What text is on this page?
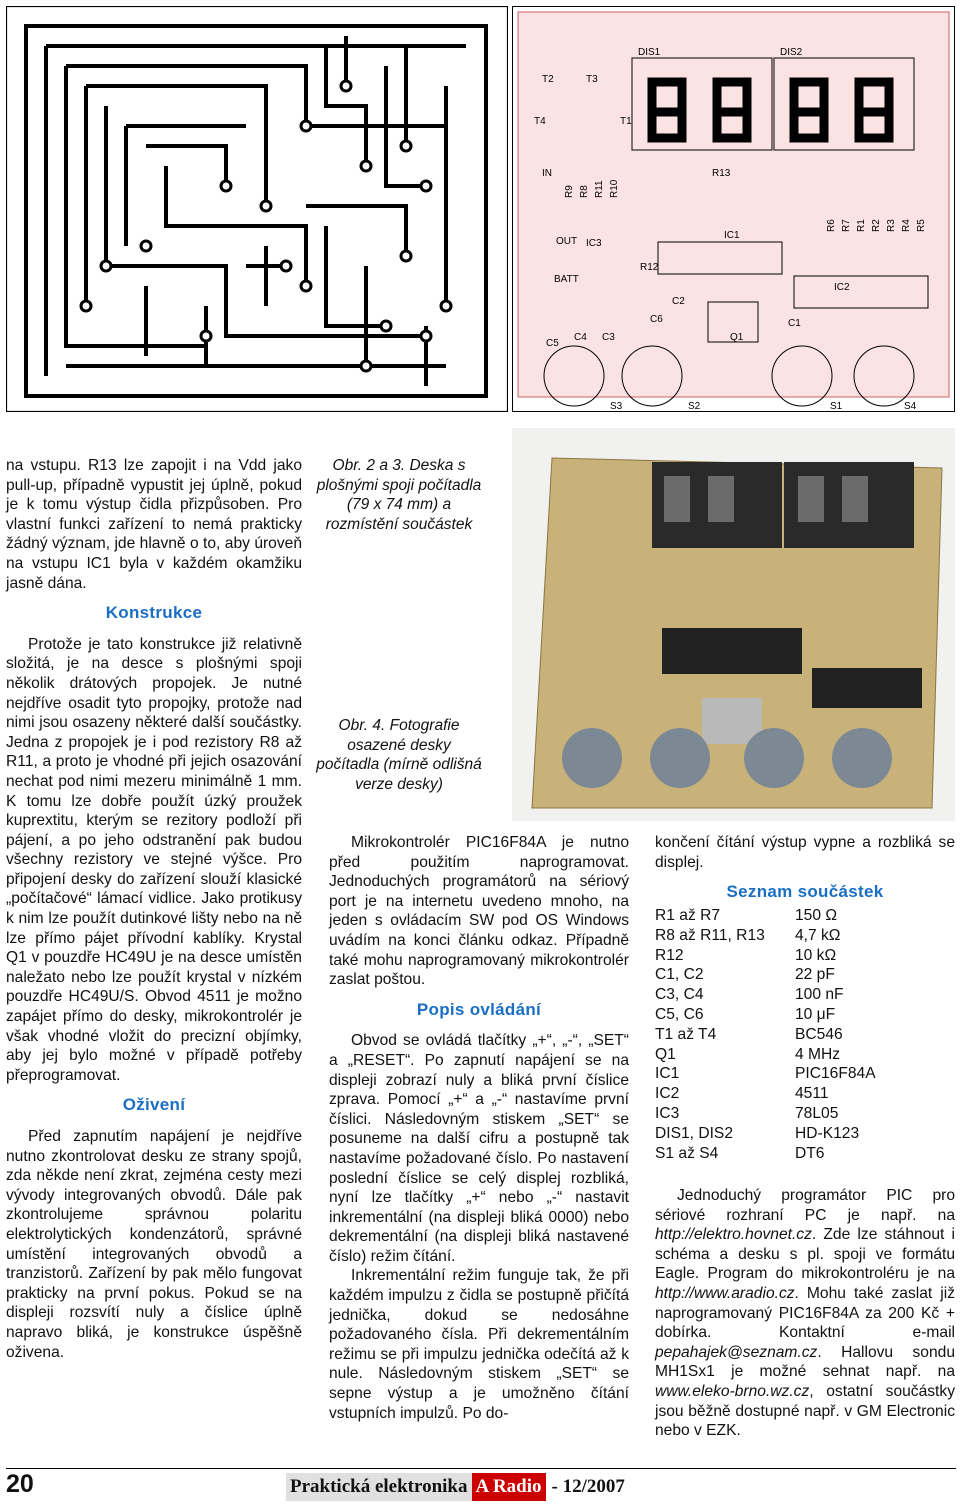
DIS1	DIS2
T2	T3
T4	T1
IN	R13
OUT IC3
IC1
BATT
R12
IC2
C2
C6	C1
C5
C4 C3	Q1
S3	S2	S1	S4
R9 R8 R11 R10
R6 R7 R1 R2 R3 R4 R5

na vstupu. R13 lze zapojit i na Vdd jako pull-up, případně vypustit jej úplně, pokud je k tomu výstup čidla přizpůsoben. Pro vlastní funkci zařízení to nemá prakticky žádný význam, jde hlavně o to, aby úroveň na vstupu IC1 byla v každém okamžiku jasně dána.

Konstrukce

Protože je tato konstrukce již relativně složitá, je na desce s plošnými spoji několik drátových propojek. Je nutné nejdříve osadit tyto propojky, protože nad nimi jsou osazeny některé další součástky. Jedna z propojek je i pod rezistory R8 až R11, a proto je vhodné při jejich osazování nechat pod nimi mezeru minimálně 1 mm. K tomu lze dobře použít úzký proužek kuprextitu, kterým se rezitory podloží při pájení, a po jeho odstranění pak budou všechny rezistory ve stejné výšce. Pro připojení desky do zařízení slouží klasické „počítačové“ lámací vidlice. Jako protikusy k nim lze použít dutinkové lišty nebo na ně lze přímo pájet přívodní kablíky. Krystal Q1 v pouzdře HC49U je na desce umístěn naležato nebo lze použít krystal v nízkém pouzdře HC49U/S. Obvod 4511 je možno zapájet přímo do desky, mikrokontrolér je však vhodné vložit do precizní objímky, aby jej bylo možné v případě potřeby přeprogramovat.

Oživení

Před zapnutím napájení je nejdříve nutno zkontrolovat desku ze strany spojů, zda někde není zkrat, zejména cesty mezi vývody integrovaných obvodů. Dále pak zkontrolujeme správnou polaritu elektrolytických kondenzátorů, správné umístění integrovaných obvodů a tranzistorů. Zařízení by pak mělo fungovat prakticky na první pokus. Pokud se na displeji rozsvítí nuly a číslice úplně napravo bliká, je konstrukce úspěšně oživena.

Obr. 2 a 3. Deska s plošnými spoji počítadla (79 x 74 mm) a rozmístění součástek
Obr. 4. Fotografie osazené desky počítadla (mírně odlišná verze desky)

Mikrokontrolér PIC16F84A je nutno před použitím naprogramovat. Jednoduchých programátorů na sériový port je na internetu uvedeno mnoho, na jeden s ovládacím SW pod OS Windows uvádím na konci článku odkaz. Případně také mohu naprogramovaný mikrokontrolér zaslat poštou.

Popis ovládání

Obvod se ovládá tlačítky „+“, „-“, „SET“ a „RESET“. Po zapnutí napájení se na displeji zobrazí nuly a bliká první číslice zprava. Pomocí „+“ a „-“ nastavíme první číslici. Následovným stiskem „SET“ se posuneme na další cifru a postupně tak nastavíme požadované číslo. Po nastavení poslední číslice se celý displej rozbliká, nyní lze tlačítky „+“ nebo „-“ nastavit inkrementální (na displeji bliká 0000) nebo dekrementální (na displeji bliká nastavené číslo) režim čítání.

Inkrementální režim funguje tak, že při každém impulzu z čidla se postupně přičítá jednička, dokud se nedosáhne požadovaného čísla. Při dekrementálním režimu se při impulzu jednička odečítá až k nule. Následovným stiskem „SET“ se sepne výstup a je umožněno čítání vstupních impulzů. Po do-

končení čítání výstup vypne a rozbliká se displej.

Seznam součástek
R1 až R7	150 Ω
R8 až R11, R13	4,7 kΩ
R12	10 kΩ
C1, C2	22 pF
C3, C4	100 nF
C5, C6	10 μF
T1 až T4	BC546
Q1	4 MHz
IC1	PIC16F84A
IC2	4511
IC3	78L05
DIS1, DIS2	HD-K123
S1 až S4	DT6

Jednoduchý programátor PIC pro sériové rozhraní PC je např. na http://elektro.hovnet.cz. Zde lze stáhnout i schéma a desku s pl. spoji ve formátu Eagle. Program do mikrokontroléru je na http://www.aradio.cz. Mohu také zaslat již naprogramovaný PIC16F84A za 200 Kč + dobírka. Kontaktní e-mail pepahajek@seznam.cz. Hallovu sondu MH1Sx1 je možné sehnat např. na www.eleko-brno.wz.cz, ostatní součástky jsou běžně dostupné např. v GM Electronic nebo v EZK.

20	Praktická elektronika A Radio - 12/2007
